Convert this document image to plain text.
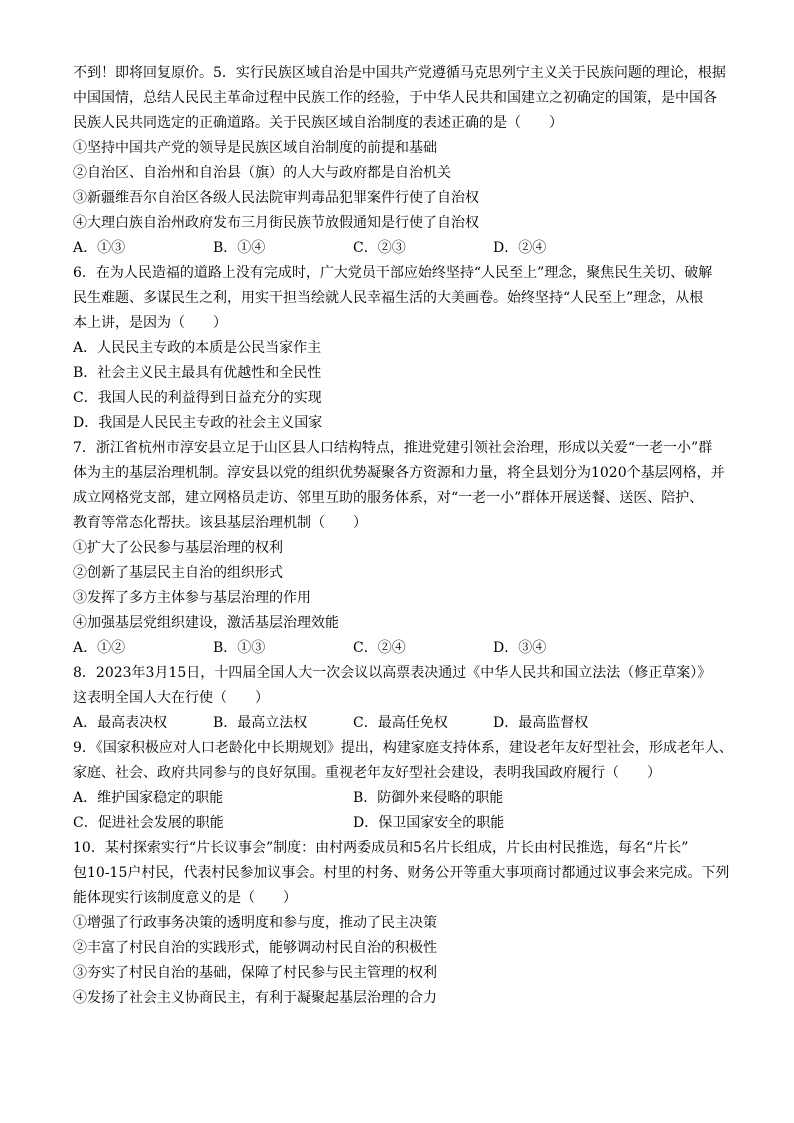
不到！即将回复原价。5．实行民族区域自治是中国共产党遵循马克思列宁主义关于民族问题的理论，根据
中国国情，总结人民民主革命过程中民族工作的经验，于中华人民共和国建立之初确定的国策，是中国各
民族人民共同选定的正确道路。关于民族区域自治制度的表述正确的是（　　）
①坚持中国共产党的领导是民族区域自治制度的前提和基础
②自治区、自治州和自治县（旗）的人大与政府都是自治机关
③新疆维吾尔自治区各级人民法院审判毒品犯罪案件行使了自治权
④大理白族自治州政府发布三月街民族节放假通知是行使了自治权
A．①③	B．①④	C．②③	D．②④
6．在为人民造福的道路上没有完成时，广大党员干部应始终坚持“人民至上”理念，聚焦民生关切、破解
民生难题、多谋民生之利，用实干担当绘就人民幸福生活的大美画卷。始终坚持“人民至上”理念，从根
本上讲，是因为（　　）
A．人民民主专政的本质是公民当家作主
B．社会主义民主最具有优越性和全民性
C．我国人民的利益得到日益充分的实现
D．我国是人民民主专政的社会主义国家
7．浙江省杭州市淳安县立足于山区县人口结构特点，推进党建引领社会治理，形成以关爱“一老一小”群
体为主的基层治理机制。淳安县以党的组织优势凝聚各方资源和力量，将全县划分为1020个基层网格，并
成立网格党支部，建立网格员走访、邻里互助的服务体系，对“一老一小”群体开展送餐、送医、陪护、
教育等常态化帮扶。该县基层治理机制（　　）
①扩大了公民参与基层治理的权利
②创新了基层民主自治的组织形式
③发挥了多方主体参与基层治理的作用
④加强基层党组织建设，激活基层治理效能
A．①②	B．①③	C．②④	D．③④
8．2023年3月15日，十四届全国人大一次会议以高票表决通过《中华人民共和国立法法（修正草案）》
这表明全国人大在行使（　　）
A．最高表决权	B．最高立法权	C．最高任免权	D．最高监督权
9．《国家积极应对人口老龄化中长期规划》提出，构建家庭支持体系，建设老年友好型社会，形成老年人、
家庭、社会、政府共同参与的良好氛围。重视老年友好型社会建设，表明我国政府履行（　　）
A．维护国家稳定的职能	B．防御外来侵略的职能
C．促进社会发展的职能	D．保卫国家安全的职能
10．某村探索实行“片长议事会”制度：由村两委成员和5名片长组成，片长由村民推选，每名“片长”
包10-15户村民，代表村民参加议事会。村里的村务、财务公开等重大事项商讨都通过议事会来完成。下列
能体现实行该制度意义的是（　　）
①增强了行政事务决策的透明度和参与度，推动了民主决策
②丰富了村民自治的实践形式，能够调动村民自治的积极性
③夯实了村民自治的基础，保障了村民参与民主管理的权利
④发扬了社会主义协商民主，有利于凝聚起基层治理的合力
